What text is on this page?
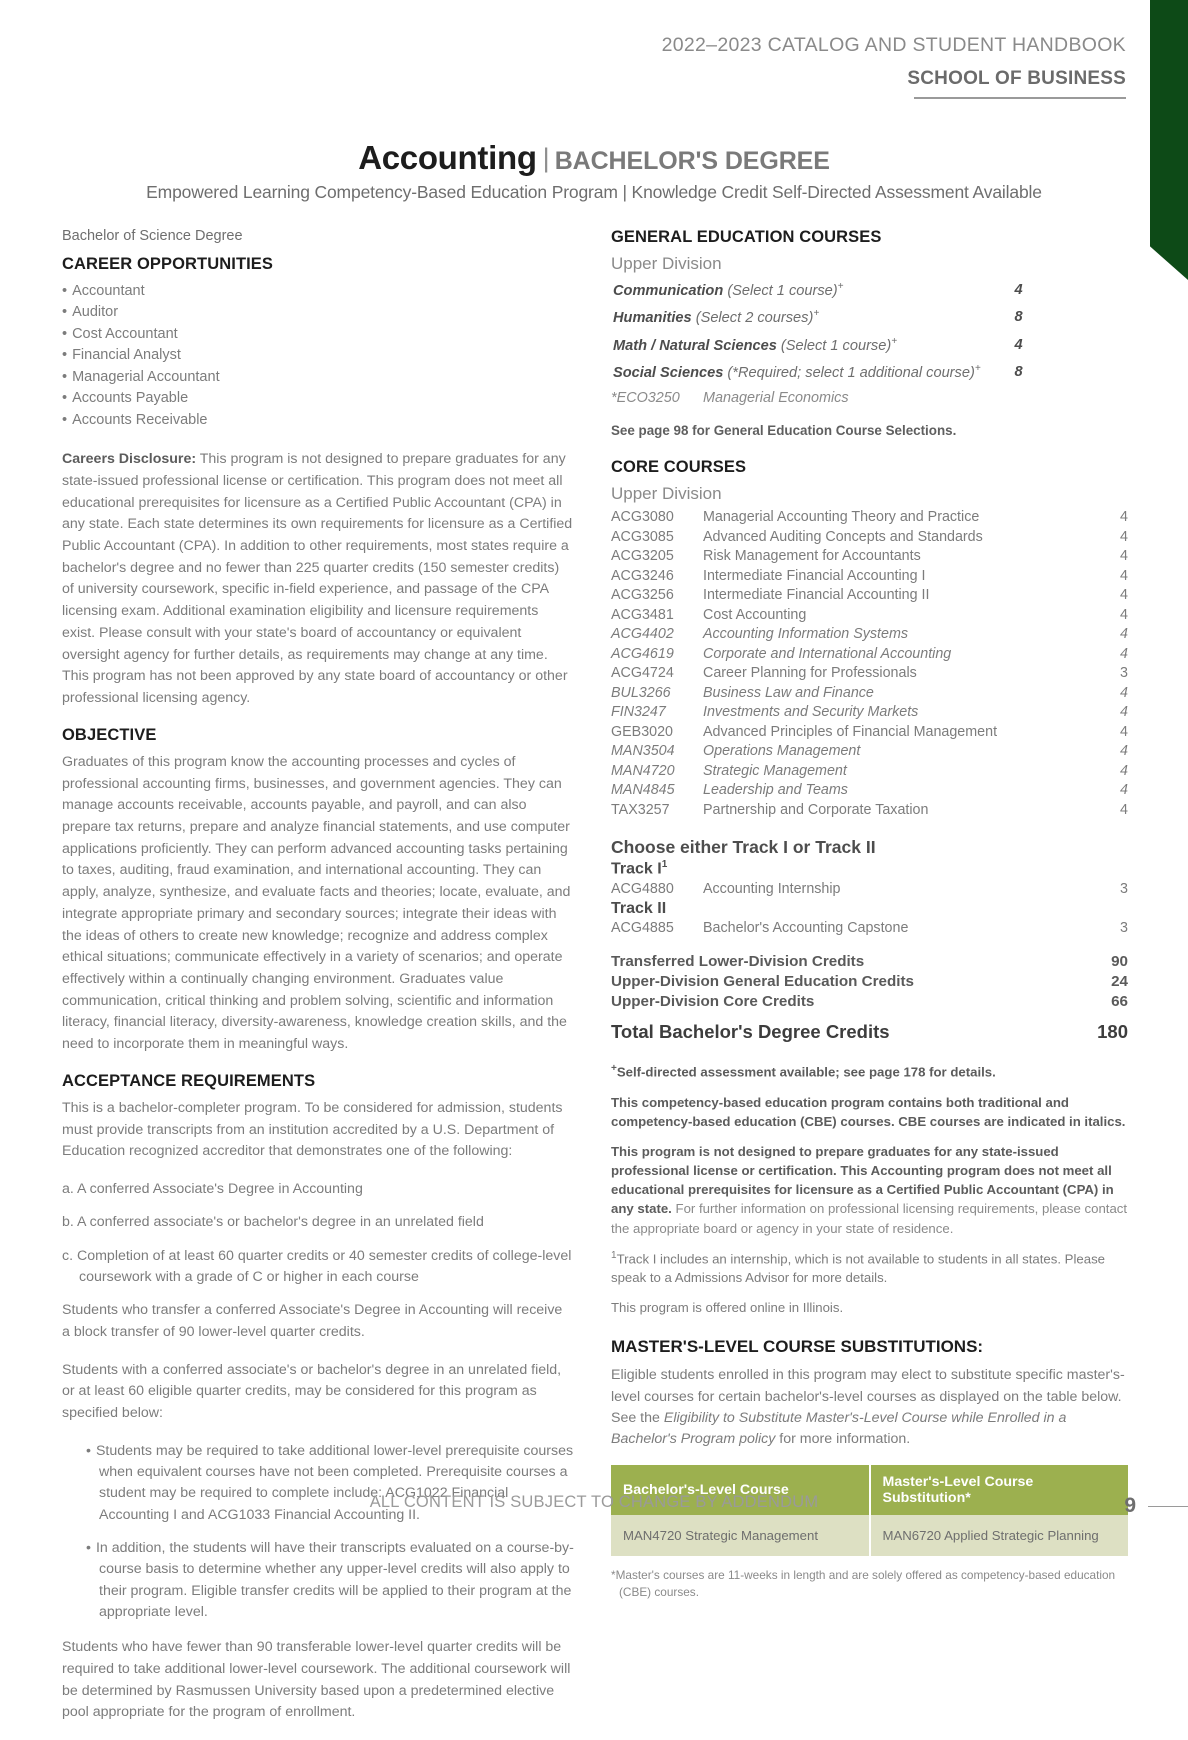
2022–2023 CATALOG AND STUDENT HANDBOOK
SCHOOL OF BUSINESS
Accounting | BACHELOR'S DEGREE
Empowered Learning Competency-Based Education Program | Knowledge Credit Self-Directed Assessment Available
Bachelor of Science Degree
CAREER OPPORTUNITIES
• Accountant
• Auditor
• Cost Accountant
• Financial Analyst
• Managerial Accountant
• Accounts Payable
• Accounts Receivable

Careers Disclosure: This program is not designed to prepare graduates for any state-issued professional license or certification. This program does not meet all educational prerequisites for licensure as a Certified Public Accountant (CPA) in any state. Each state determines its own requirements for licensure as a Certified Public Accountant (CPA). In addition to other requirements, most states require a bachelor's degree and no fewer than 225 quarter credits (150 semester credits) of university coursework, specific in-field experience, and passage of the CPA licensing exam. Additional examination eligibility and licensure requirements exist. Please consult with your state's board of accountancy or equivalent oversight agency for further details, as requirements may change at any time. This program has not been approved by any state board of accountancy or other professional licensing agency.

OBJECTIVE

Graduates of this program know the accounting processes and cycles of professional accounting firms, businesses, and government agencies. They can manage accounts receivable, accounts payable, and payroll, and can also prepare tax returns, prepare and analyze financial statements, and use computer applications proficiently. They can perform advanced accounting tasks pertaining to taxes, auditing, fraud examination, and international accounting. They can apply, analyze, synthesize, and evaluate facts and theories; locate, evaluate, and integrate appropriate primary and secondary sources; integrate their ideas with the ideas of others to create new knowledge; recognize and address complex ethical situations; communicate effectively in a variety of scenarios; and operate effectively within a continually changing environment. Graduates value communication, critical thinking and problem solving, scientific and information literacy, financial literacy, diversity-awareness, knowledge creation skills, and the need to incorporate them in meaningful ways.

ACCEPTANCE REQUIREMENTS

This is a bachelor-completer program. To be considered for admission, students must provide transcripts from an institution accredited by a U.S. Department of Education recognized accreditor that demonstrates one of the following:

a. A conferred Associate's Degree in Accounting

b. A conferred associate's or bachelor's degree in an unrelated field

c. Completion of at least 60 quarter credits or 40 semester credits of college-level coursework with a grade of C or higher in each course

Students who transfer a conferred Associate's Degree in Accounting will receive a block transfer of 90 lower-level quarter credits.

Students with a conferred associate's or bachelor's degree in an unrelated field, or at least 60 eligible quarter credits, may be considered for this program as specified below:

• Students may be required to take additional lower-level prerequisite courses when equivalent courses have not been completed. Prerequisite courses a student may be required to complete include: ACG1022 Financial Accounting I and ACG1033 Financial Accounting II.
• In addition, the students will have their transcripts evaluated on a course-by-course basis to determine whether any upper-level credits will also apply to their program. Eligible transfer credits will be applied to their program at the appropriate level.

Students who have fewer than 90 transferable lower-level quarter credits will be required to take additional lower-level coursework. The additional coursework will be determined by Rasmussen University based upon a predetermined elective pool appropriate for the program of enrollment.

GENERAL EDUCATION COURSES
Upper Division
Communication (Select 1 course)+	4
Humanities (Select 2 courses)+	8
Math / Natural Sciences (Select 1 course)+	4
Social Sciences (*Required; select 1 additional course)+	8

*ECO3250 Managerial Economics

See page 98 for General Education Course Selections.

CORE COURSES
Upper Division
ACG3080	Managerial Accounting Theory and Practice	4
ACG3085	Advanced Auditing Concepts and Standards	4
ACG3205	Risk Management for Accountants	4
ACG3246	Intermediate Financial Accounting I	4
ACG3256	Intermediate Financial Accounting II	4
ACG3481	Cost Accounting	4
ACG4402	Accounting Information Systems	4
ACG4619	Corporate and International Accounting	4
ACG4724	Career Planning for Professionals	3
BUL3266	Business Law and Finance	4
FIN3247	Investments and Security Markets	4
GEB3020	Advanced Principles of Financial Management	4
MAN3504	Operations Management	4
MAN4720	Strategic Management	4
MAN4845	Leadership and Teams	4
TAX3257	Partnership and Corporate Taxation	4
Choose either Track I or Track II
Track $I^1$
ACG4880	Accounting Internship	3
Track II
ACG4885	Bachelor's Accounting Capstone	3
Transferred Lower-Division Credits	90
Upper-Division General Education Credits	24
Upper-Division Core Credits	66
Total Bachelor's Degree Credits	180

+Self-directed assessment available; see page 178 for details.

This competency-based education program contains both traditional and competency-based education (CBE) courses. CBE courses are indicated in italics.

This program is not designed to prepare graduates for any state-issued professional license or certification. This Accounting program does not meet all educational prerequisites for licensure as a Certified Public Accountant (CPA) in any state. For further information on professional licensing requirements, please contact the appropriate board or agency in your state of residence.

$^1$Track I includes an internship, which is not available to students in all states. Please speak to a Admissions Advisor for more details.

This program is offered online in Illinois.

MASTER'S-LEVEL COURSE SUBSTITUTIONS:

Eligible students enrolled in this program may elect to substitute specific master's-level courses for certain bachelor's-level courses as displayed on the table below. See the Eligibility to Substitute Master's-Level Course while Enrolled in a Bachelor's Program policy for more information.

Bachelor's-Level Course	Master's-Level Course Substitution*
MAN4720 Strategic Management	MAN6720 Applied Strategic Planning

*Master's courses are 11-weeks in length and are solely offered as competency-based education (CBE) courses.

ALL CONTENT IS SUBJECT TO CHANGE BY ADDENDUM	9
